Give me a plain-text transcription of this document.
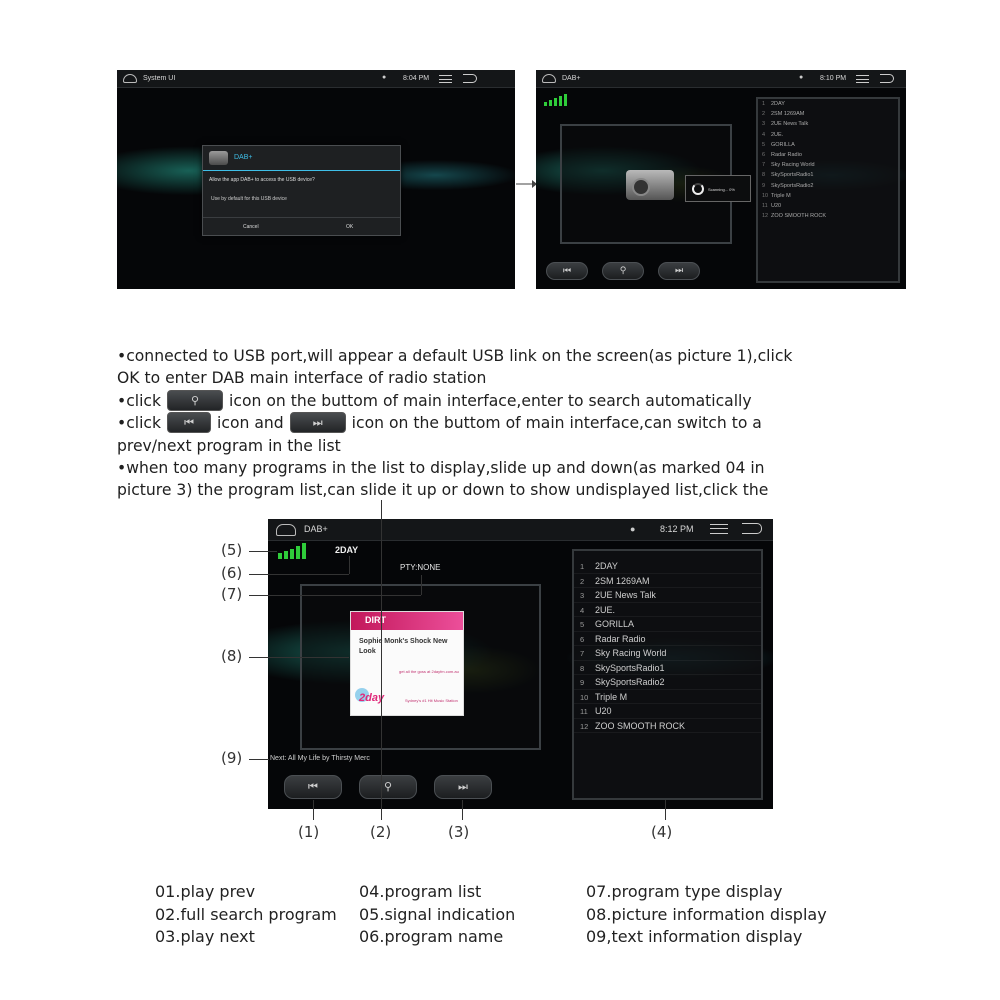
System UI	● 8:04 PM
DAB+
Allow the app DAB+ to access the USB device?
Use by default for this USB device
Cancel	OK
DAB+	● 8:10 PM
Scanning... 0%
1 2DAY
2 2SM 1269AM
3 2UE News Talk
4 2UE.
5 GORILLA
6 Radar Radio
7 Sky Racing World
8 SkySportsRadio1
9 SkySportsRadio2
10 Triple M
11 U20
12 ZOO SMOOTH ROCK
⏮	⚲	⏭
•connected to USB port,will appear a default USB link on the screen(as picture 1),click
OK to enter DAB main interface of radio station
•click	⚲ icon on the buttom of main interface,enter to search automatically
•click ⏮ icon and	⏭ icon on the buttom of main interface,can switch to a
prev/next program in the list
•when too many programs in the list to display,slide up and down(as marked 04 in
picture 3) the program list,can slide it up or down to show undisplayed list,click the
DAB+	●	8:12 PM
2DAY
PTY:NONE
DIRT
Sophie Monk's Shock New Look
get all the goss at 2dayfm.com.au
2day	Sydney's #1 Hit Music Station
Next: All My Life by Thirsty Merc
1 2DAY
2 2SM 1269AM
3 2UE News Talk
4 2UE.
5 GORILLA
6 Radar Radio
7 Sky Racing World
8 SkySportsRadio1
9 SkySportsRadio2
10 Triple M
11 U20
12 ZOO SMOOTH ROCK
⏮	⚲	⏭
(5)
(6)
(7)
(8)
(9)
(1)	(2)	(3)	(4)
01.play prev
02.full search program
03.play next
04.program list
05.signal indication
06.program name
07.program type display
08.picture information display
09,text information display
